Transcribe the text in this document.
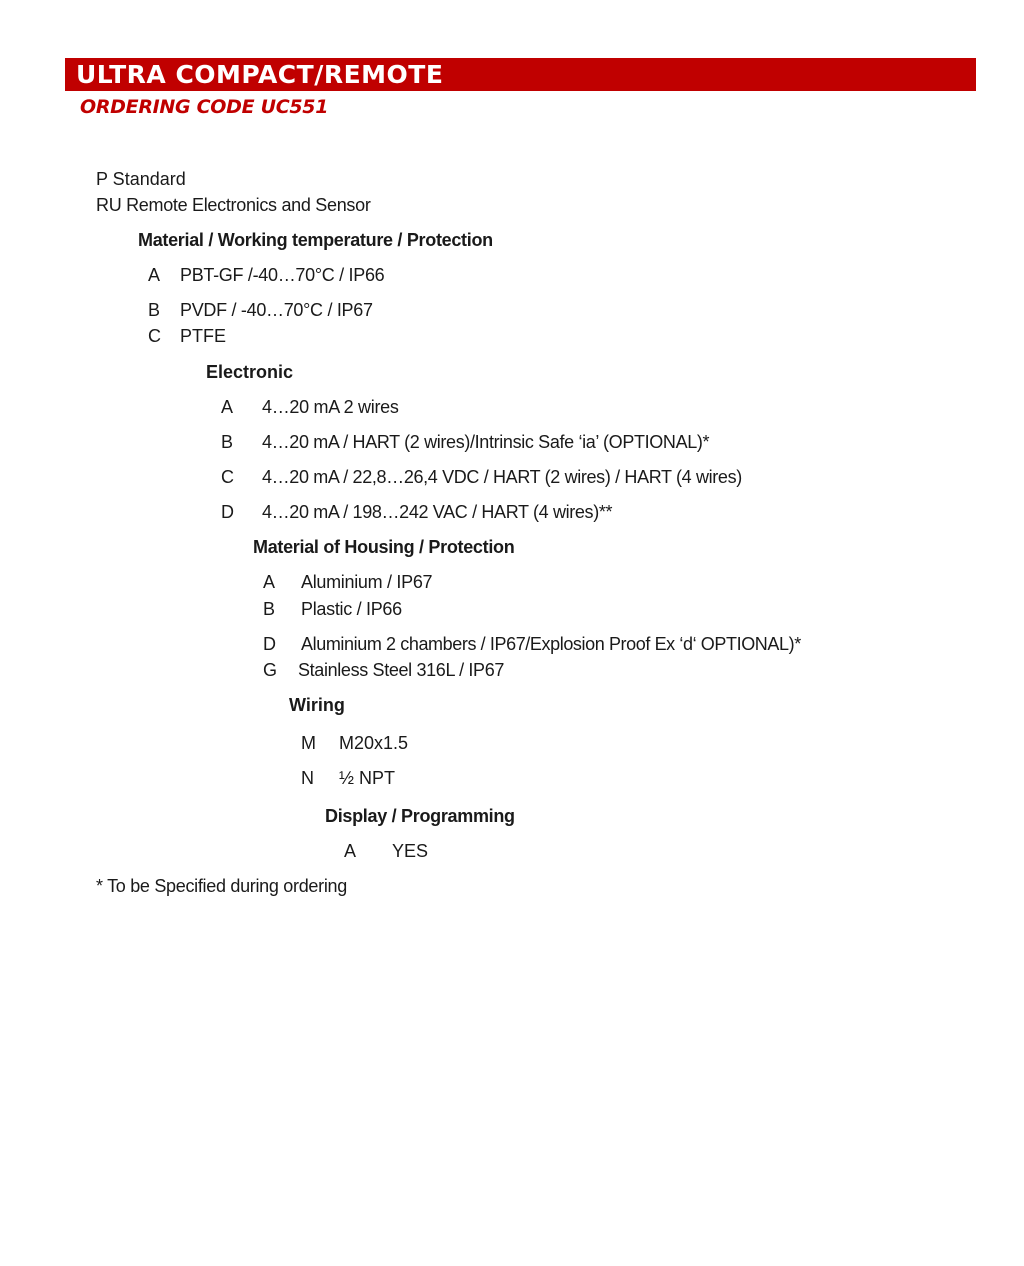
ULTRA COMPACT/REMOTE
ORDERING CODE UC551
P Standard
RU Remote Electronics and Sensor
Material / Working temperature / Protection
A PBT-GF /-40…70°C / IP66
B PVDF / -40…70°C / IP67
C PTFE
Electronic
A 4…20 mA 2 wires
B 4…20 mA / HART (2 wires)/Intrinsic Safe ‘ia’ (OPTIONAL)*
C 4…20 mA / 22,8…26,4 VDC / HART (2 wires) / HART (4 wires)
D 4…20 mA / 198…242 VAC / HART (4 wires)**
Material of Housing / Protection
A Aluminium / IP67
B Plastic / IP66
D Aluminium 2 chambers / IP67/Explosion Proof Ex ‘d‘ OPTIONAL)*
G Stainless Steel 316L / IP67
Wiring
M M20x1.5
N ½ NPT
Display / Programming
A YES
* To be Specified during ordering
